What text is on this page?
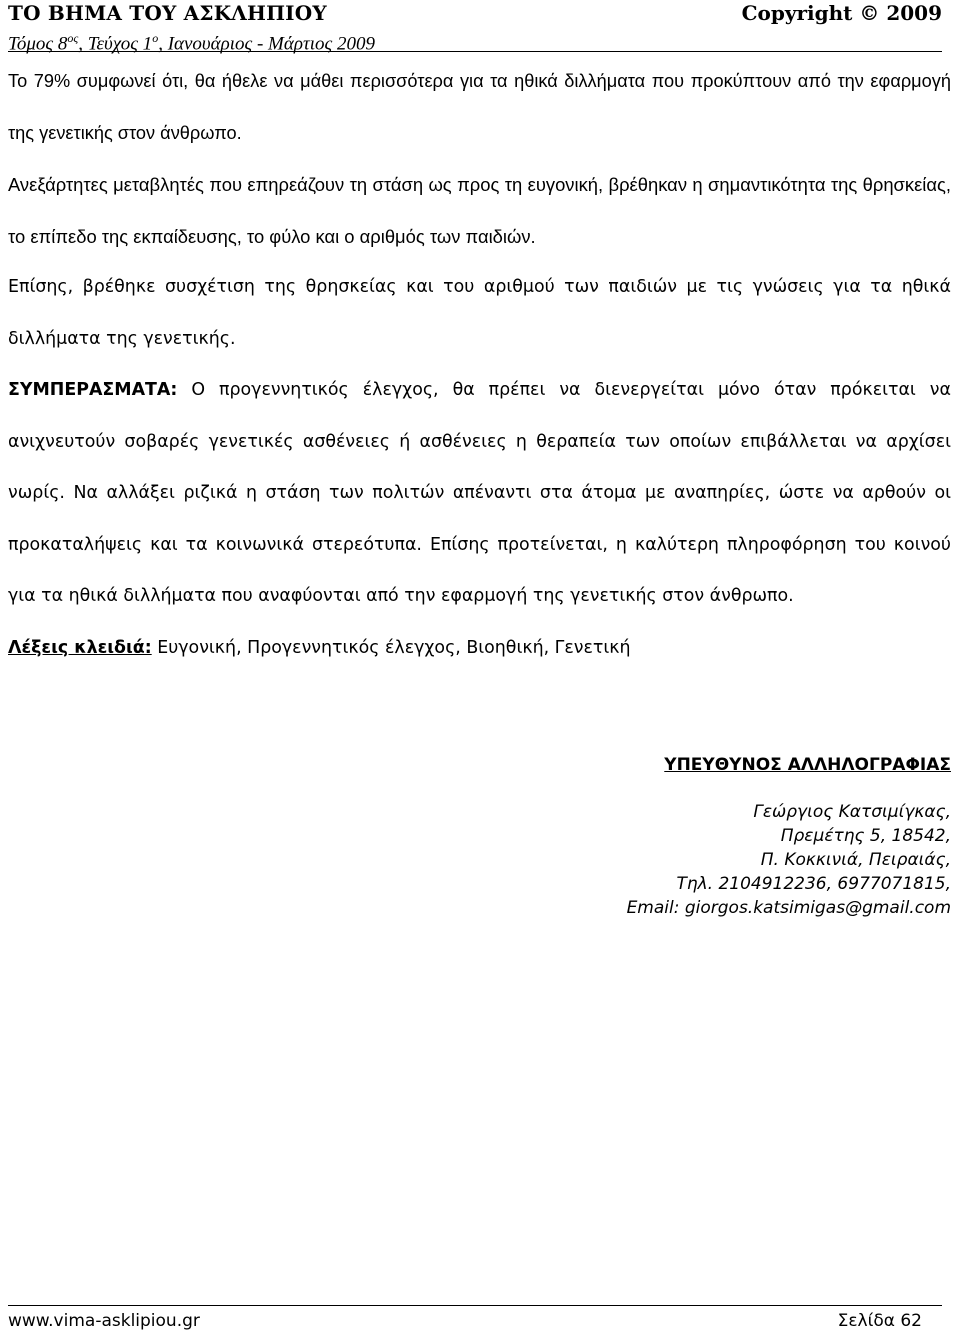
ΤΟ ΒΗΜΑ ΤΟΥ ΑΣΚΛΗΠΙΟΥ	Copyright © 2009
Τόμος $8^{o\varsigma}$, Τεύχος $1^o$, Ιανουάριος - Μάρτιος 2009

Το 79% συμφωνεί ότι, θα ήθελε να μάθει περισσότερα για τα ηθικά διλλήματα που προκύπτουν από την εφαρμογή της γενετικής στον άνθρωπο.

Ανεξάρτητες μεταβλητές που επηρεάζουν τη στάση ως προς τη ευγονική, βρέθηκαν η σημαντικότητα της θρησκείας, το επίπεδο της εκπαίδευσης, το φύλο και ο αριθμός των παιδιών.

Επίσης, βρέθηκε συσχέτιση της θρησκείας και του αριθμού των παιδιών με τις γνώσεις για τα ηθικά διλλήματα της γενετικής.

ΣΥΜΠΕΡΑΣΜΑΤΑ: Ο προγεννητικός έλεγχος, θα πρέπει να διενεργείται μόνο όταν πρόκειται να ανιχνευτούν σοβαρές γενετικές ασθένειες ή ασθένειες η θεραπεία των οποίων επιβάλλεται να αρχίσει νωρίς. Να αλλάξει ριζικά η στάση των πολιτών απέναντι στα άτομα με αναπηρίες, ώστε να αρθούν οι προκαταλήψεις και τα κοινωνικά στερεότυπα. Επίσης προτείνεται, η καλύτερη πληροφόρηση του κοινού για τα ηθικά διλλήματα που αναφύονται από την εφαρμογή της γενετικής στον άνθρωπο.

Λέξεις κλειδιά: Ευγονική, Προγεννητικός έλεγχος, Βιοηθική, Γενετική

ΥΠΕΥΘΥΝΟΣ ΑΛΛΗΛΟΓΡΑΦΙΑΣ
Γεώργιος Κατσιμίγκας,
Πρεμέτης 5, 18542,
Π. Κοκκινιά, Πειραιάς,
Τηλ. 2104912236, 6977071815,
Email: giorgos.katsimigas@gmail.com
www.vima-asklipiou.gr	Σελίδα 62
